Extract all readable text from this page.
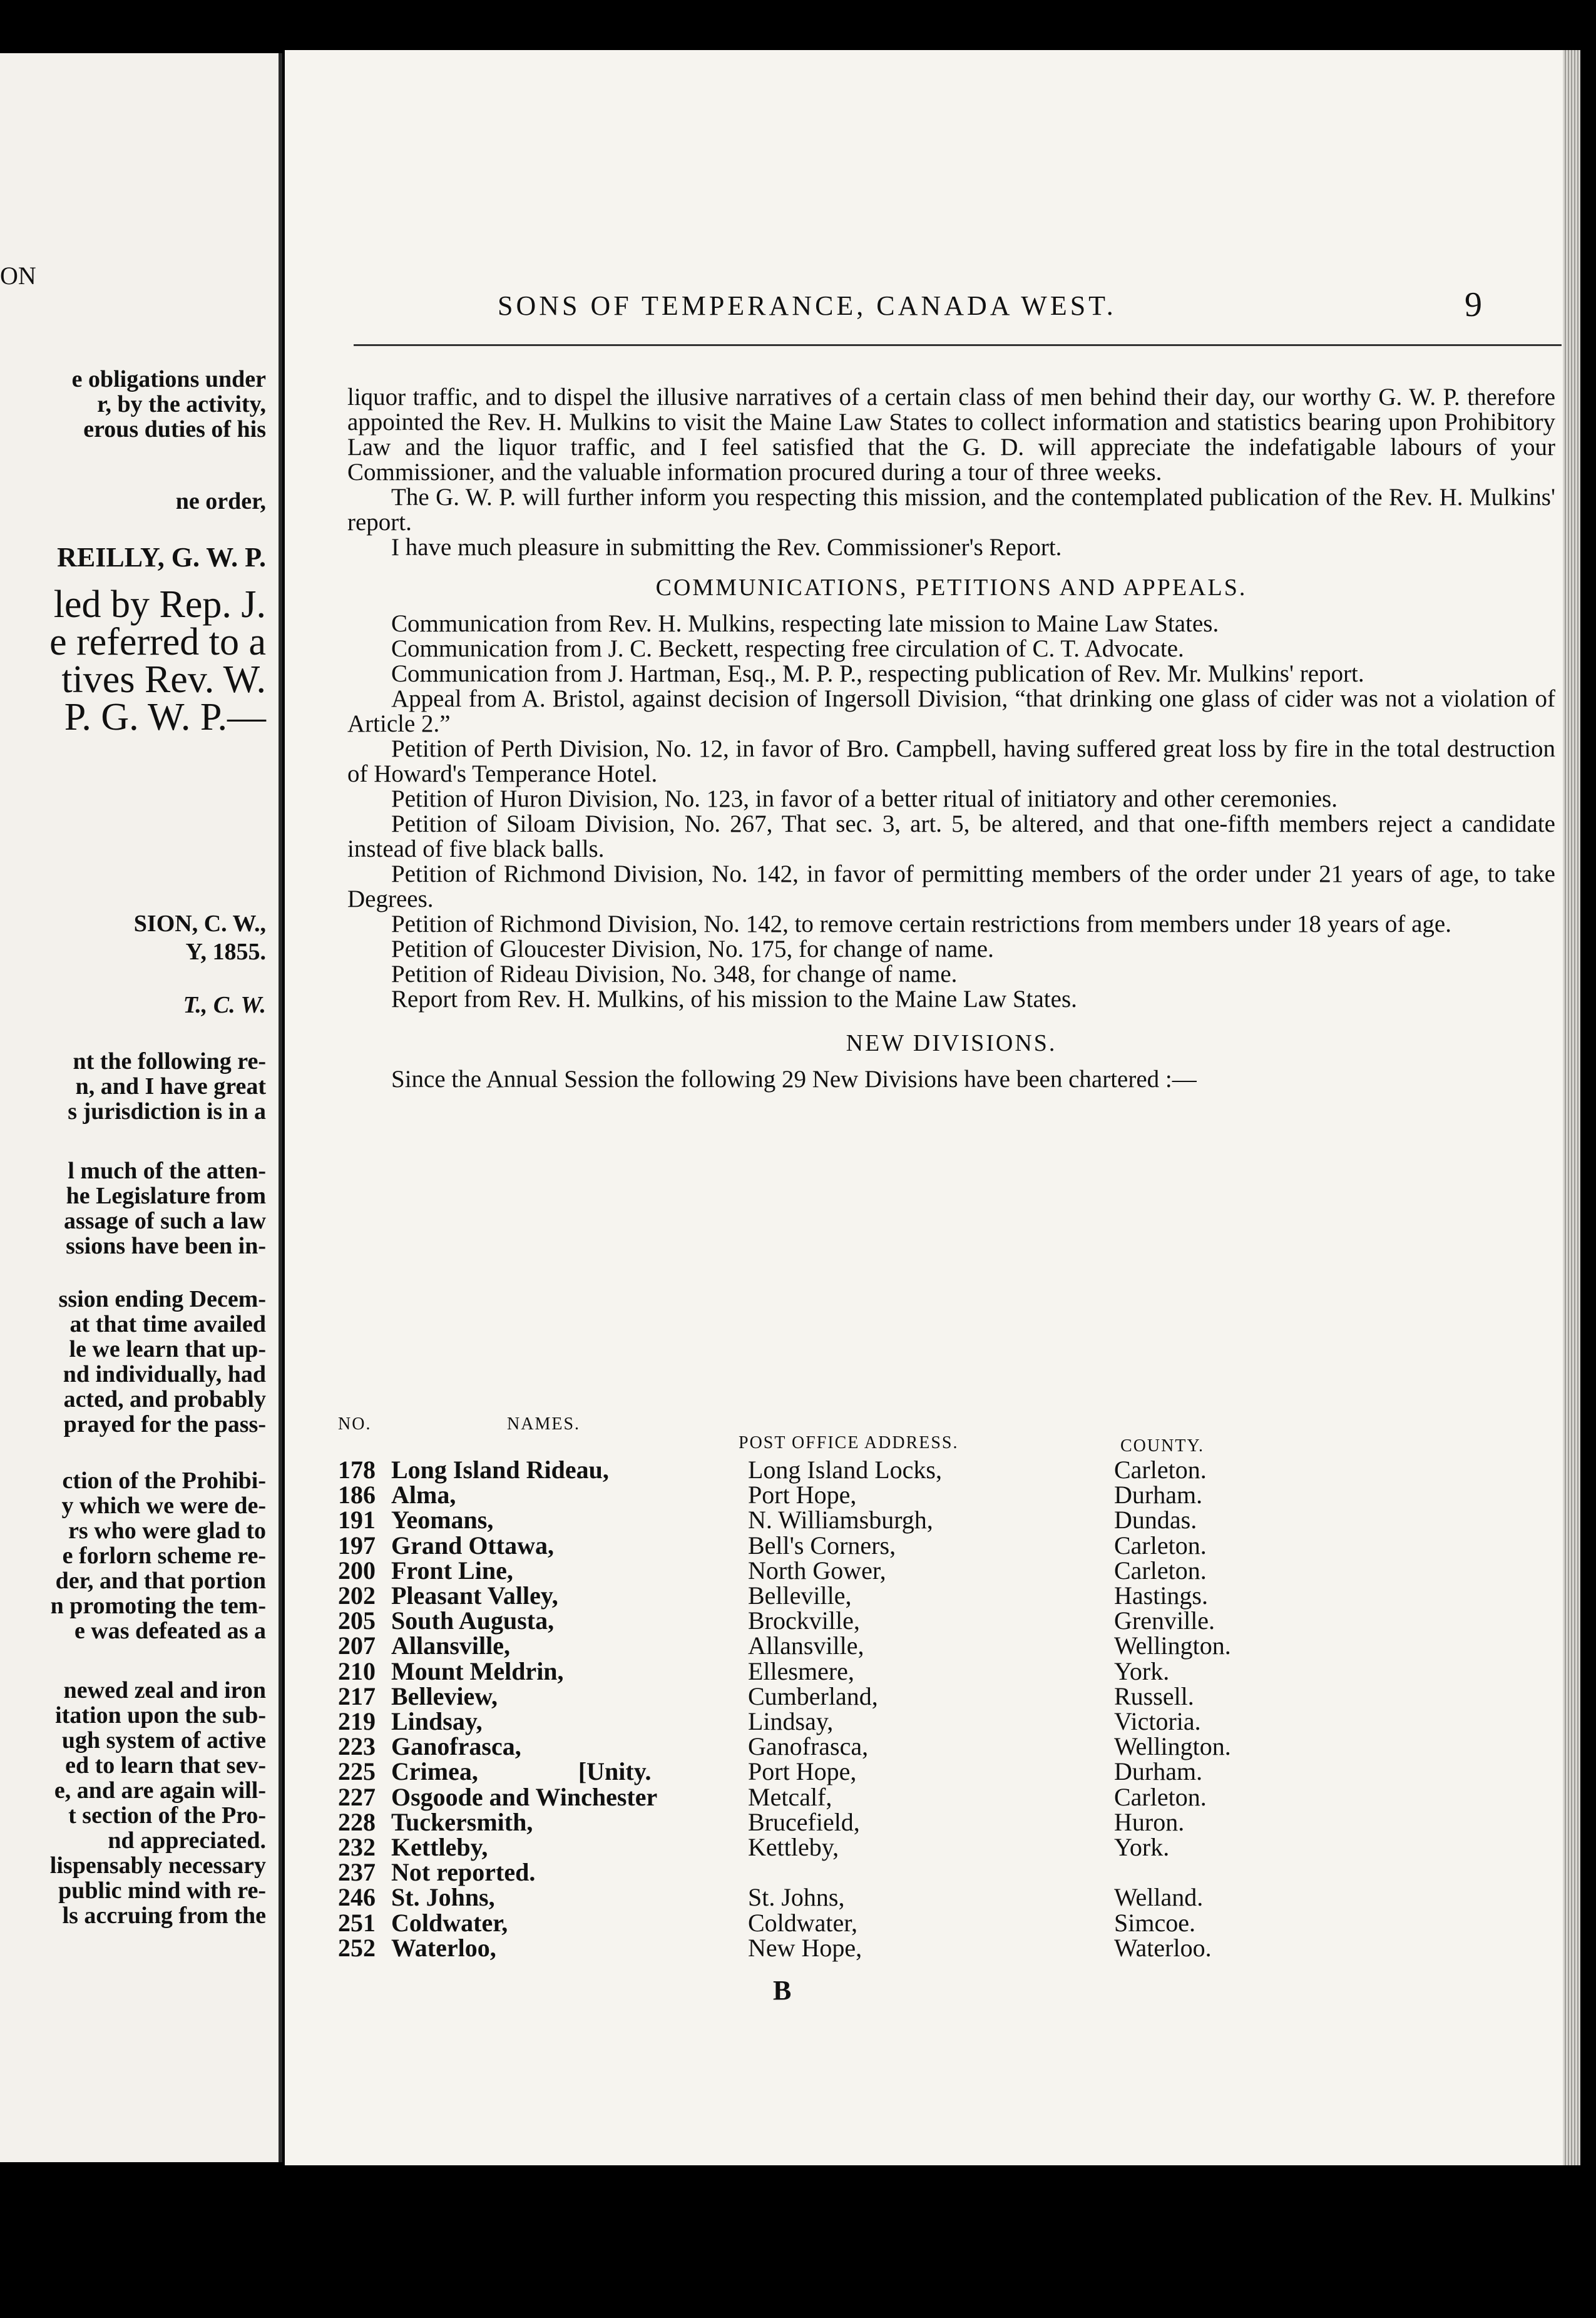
ON
e obligations under
r, by the activity,
erous duties of his
ne order,
REILLY, G. W. P.
led by Rep. J.
e referred to a
tives Rev. W.
P. G. W. P.—
SION, C. W.,
Y, 1855.
T., C. W.
nt the following re-
n, and I have great
s jurisdiction is in a
l much of the atten-
he Legislature from
assage of such a law
ssions have been in-
ssion ending Decem-
at that time availed
le we learn that up-
nd individually, had
acted, and probably
prayed for the pass-
ction of the Prohibi-
y which we were de-
rs who were glad to
e forlorn scheme re-
der, and that portion
n promoting the tem-
e was defeated as a
newed zeal and iron
itation upon the sub-
ugh system of active
ed to learn that sev-
e, and are again will-
t section of the Pro-
nd appreciated.
lispensably necessary
public mind with re-
ls accruing from the
SONS OF TEMPERANCE, CANADA WEST.	9

liquor traffic, and to dispel the illusive narratives of a certain class of men behind their day, our worthy G. W. P. therefore appointed the Rev. H. Mulkins to visit the Maine Law States to collect information and statistics bearing upon Prohibitory Law and the liquor traffic, and I feel satisfied that the G. D. will appreciate the indefatigable labours of your Commissioner, and the valuable information procured during a tour of three weeks.

The G. W. P. will further inform you respecting this mission, and the contemplated publication of the Rev. H. Mulkins' report.

I have much pleasure in submitting the Rev. Commissioner's Report.

COMMUNICATIONS, PETITIONS AND APPEALS.

Communication from Rev. H. Mulkins, respecting late mission to Maine Law States.

Communication from J. C. Beckett, respecting free circulation of C. T. Advocate.

Communication from J. Hartman, Esq., M. P. P., respecting publication of Rev. Mr. Mulkins' report.

Appeal from A. Bristol, against decision of Ingersoll Division, “that drinking one glass of cider was not a violation of Article 2.”

Petition of Perth Division, No. 12, in favor of Bro. Campbell, having suffered great loss by fire in the total destruction of Howard's Temperance Hotel.

Petition of Huron Division, No. 123, in favor of a better ritual of initiatory and other ceremonies.

Petition of Siloam Division, No. 267, That sec. 3, art. 5, be altered, and that one-fifth members reject a candidate instead of five black balls.

Petition of Richmond Division, No. 142, in favor of permitting members of the order under 21 years of age, to take Degrees.

Petition of Richmond Division, No. 142, to remove certain restrictions from members under 18 years of age.

Petition of Gloucester Division, No. 175, for change of name.

Petition of Rideau Division, No. 348, for change of name.

Report from Rev. H. Mulkins, of his mission to the Maine Law States.

NEW DIVISIONS.

Since the Annual Session the following 29 New Divisions have been chartered :—

NO.	NAMES.
POST OFFICE ADDRESS.	COUNTY.
178 Long Island Rideau,	Long Island Locks,	Carleton.
186 Alma,	Port Hope,	Durham.
191 Yeomans,	N. Williamsburgh,	Dundas.
197 Grand Ottawa,	Bell's Corners,	Carleton.
200 Front Line,	North Gower,	Carleton.
202 Pleasant Valley,	Belleville,	Hastings.
205 South Augusta,	Brockville,	Grenville.
207 Allansville,	Allansville,	Wellington.
210 Mount Meldrin,	Ellesmere,	York.
217 Belleview,	Cumberland,	Russell.
219 Lindsay,	Lindsay,	Victoria.
223 Ganofrasca,	Ganofrasca,	Wellington.
225 Crimea,                [Unity.	Port Hope,	Durham.
227 Osgoode and Winchester	Metcalf,	Carleton.
228 Tuckersmith,	Brucefield,	Huron.
232 Kettleby,	Kettleby,	York.
237 Not reported.
246 St. Johns,	St. Johns,	Welland.
251 Coldwater,	Coldwater,	Simcoe.
252 Waterloo,	New Hope,	Waterloo.
B
